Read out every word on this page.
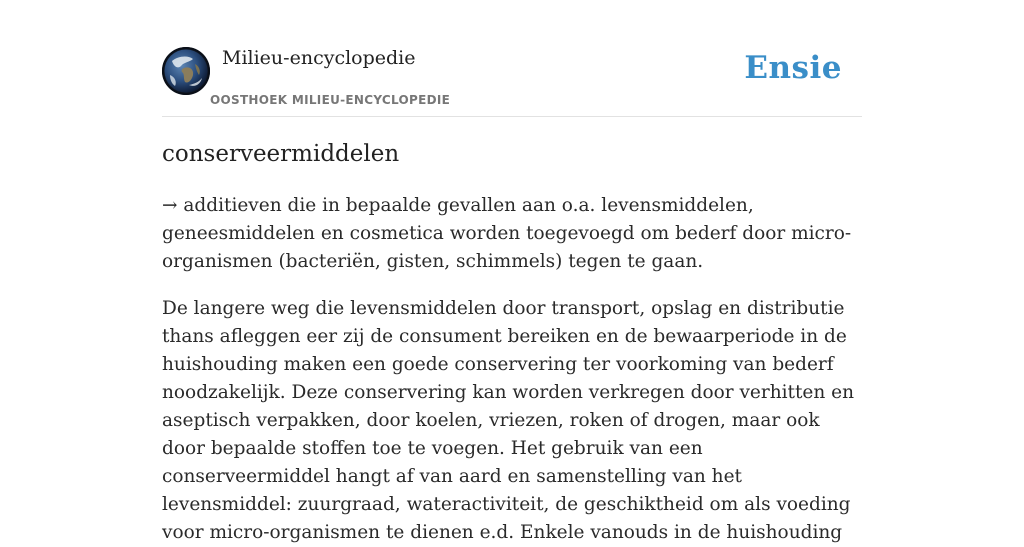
Milieu-encyclopedie
OOSTHOEK MILIEU-ENCYCLOPEDIE
Ensie
conserveermiddelen

→ additieven die in bepaalde gevallen aan o.a. levensmiddelen, geneesmiddelen en cosmetica worden toegevoegd om bederf door micro-organismen (bacteriën, gisten, schimmels) tegen te gaan.

De langere weg die levensmiddelen door transport, opslag en distributie thans afleggen eer zij de consument bereiken en de bewaarperiode in de huishouding maken een goede conservering ter voorkoming van bederf noodzakelijk. Deze conservering kan worden verkregen door verhitten en aseptisch verpakken, door koelen, vriezen, roken of drogen, maar ook door bepaalde stoffen toe te voegen. Het gebruik van een conserveermiddel hangt af van aard en samenstelling van het levensmiddel: zuurgraad, wateractiviteit, de geschiktheid om als voeding voor micro-organismen te dienen e.d. Enkele vanouds in de huishouding
